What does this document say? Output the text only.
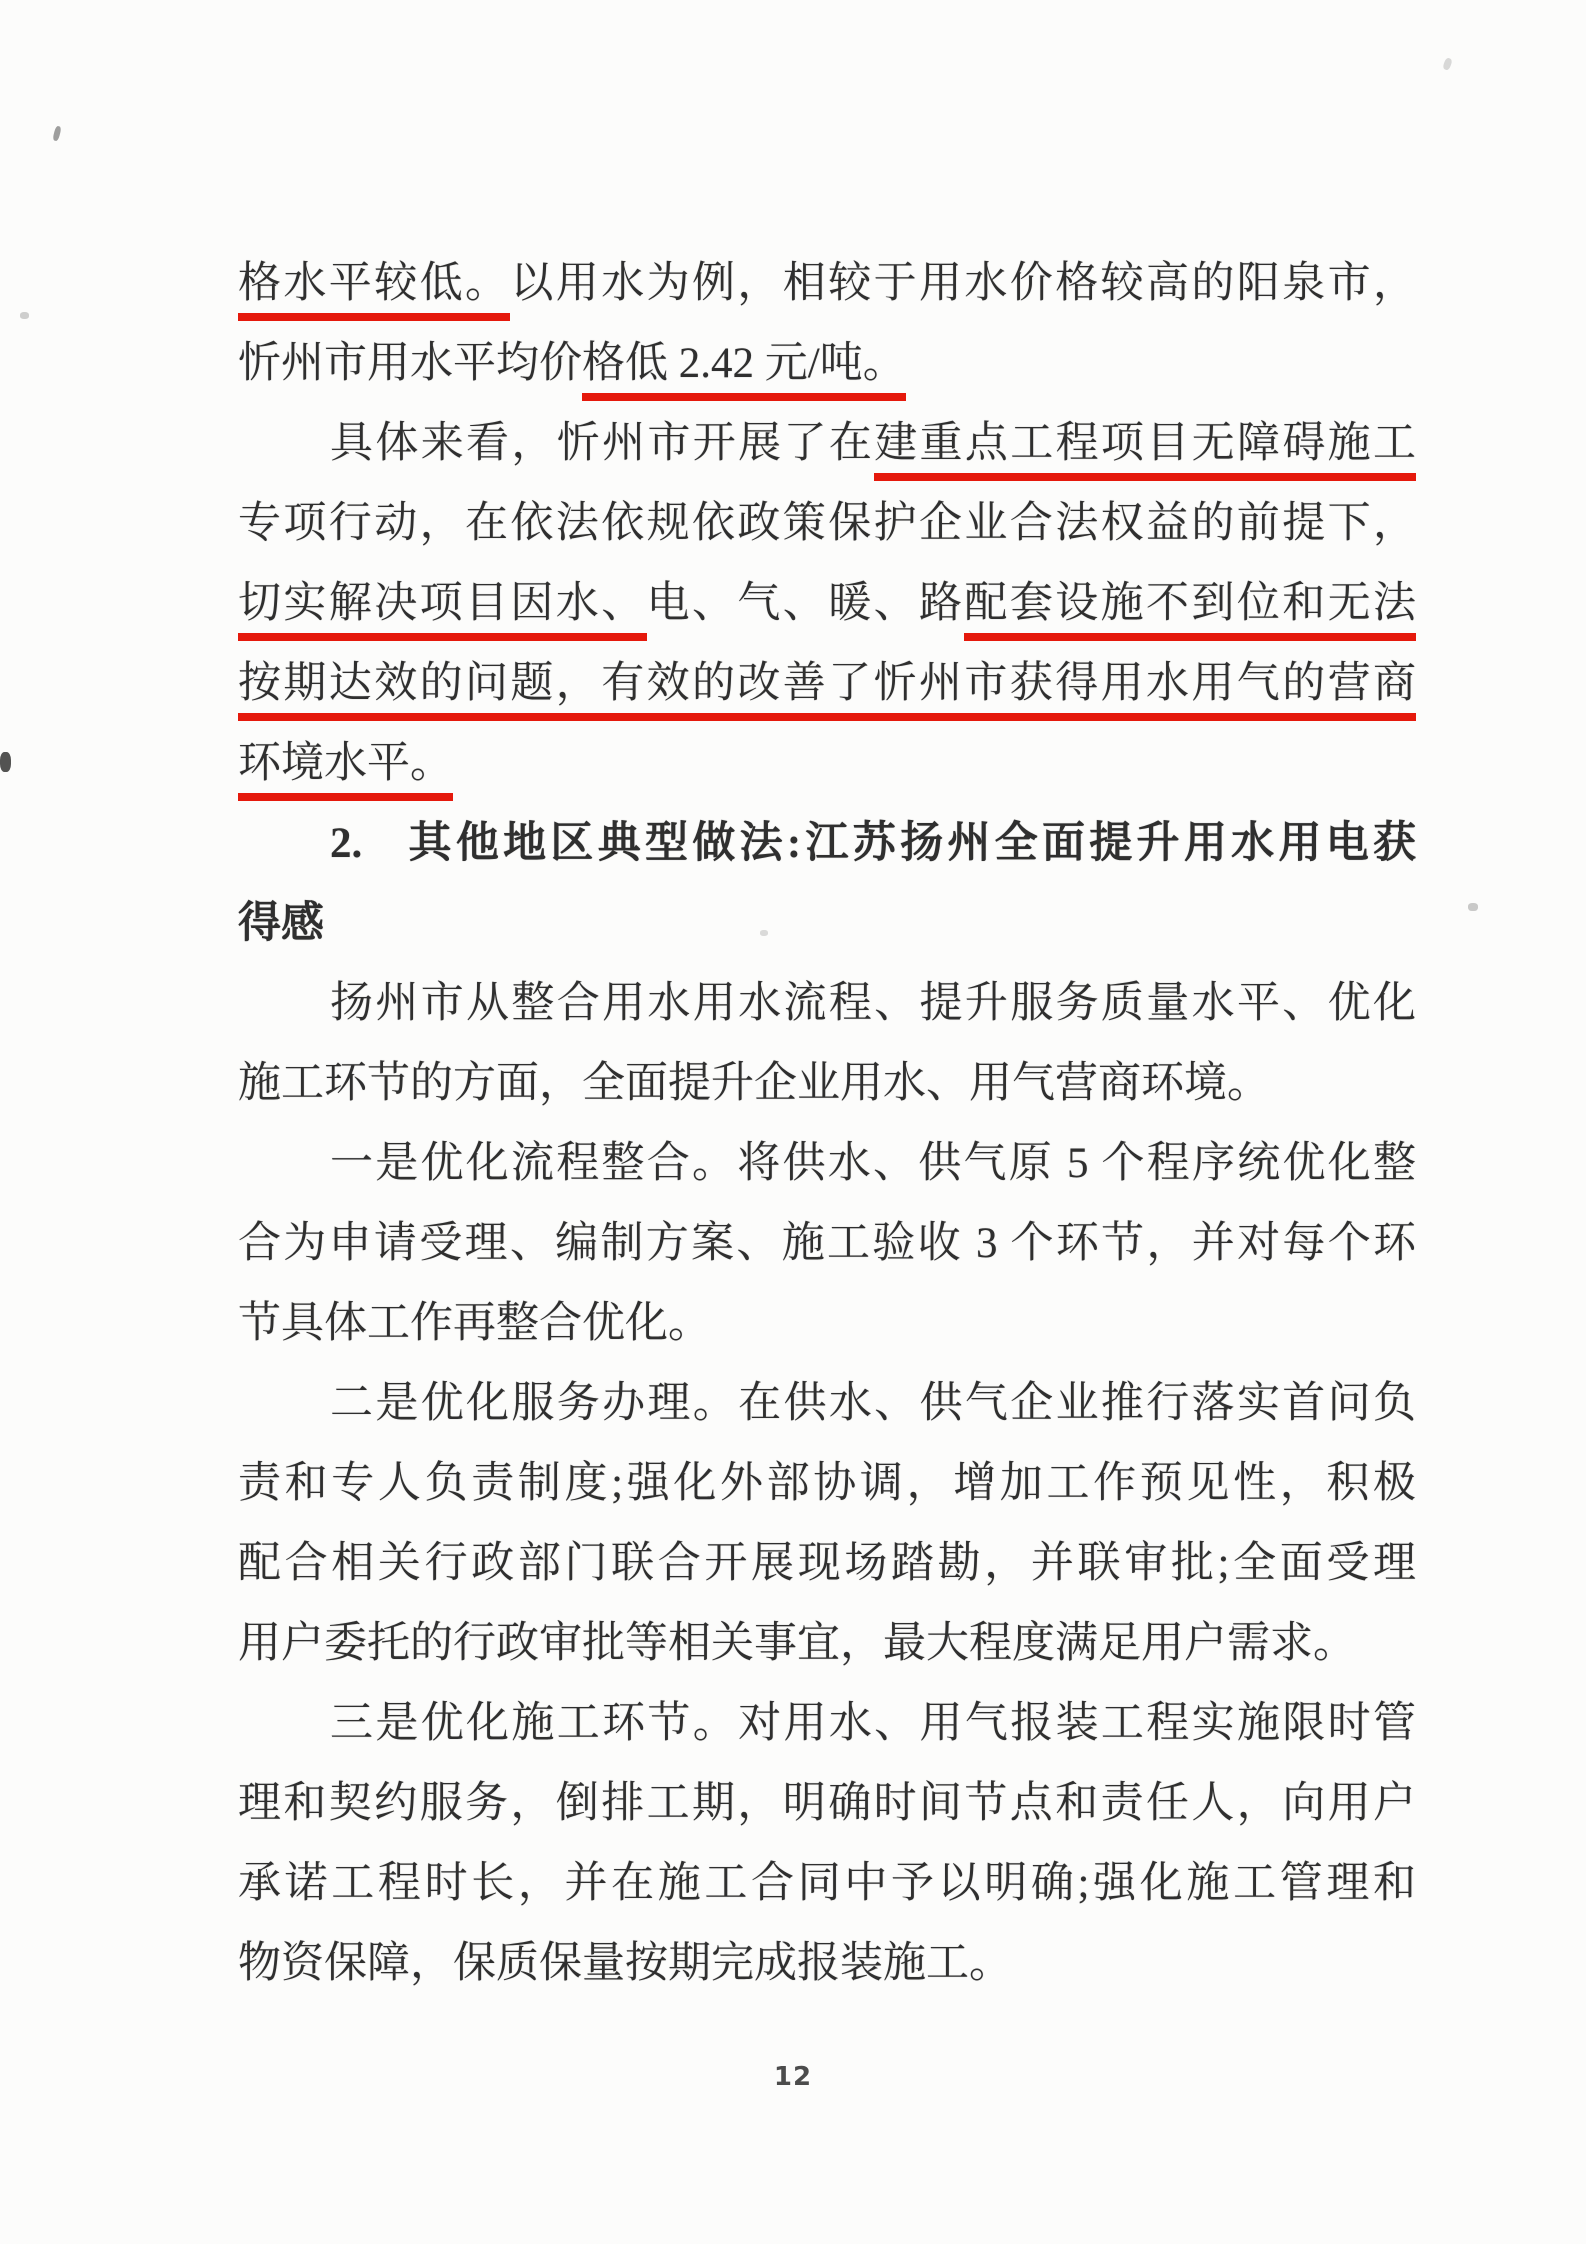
格水平较低。以用水为例，相较于用水价格较高的阳泉市，
忻州市用水平均价格低 2.42 元/吨。
具体来看，忻州市开展了在建重点工程项目无障碍施工
专项行动，在依法依规依政策保护企业合法权益的前提下，
切实解决项目因水、电、气、暖、路配套设施不到位和无法
按期达效的问题，有效的改善了忻州市获得用水用气的营商
环境水平。
2. 其他地区典型做法:江苏扬州全面提升用水用电获
得感
扬州市从整合用水用水流程、提升服务质量水平、优化
施工环节的方面，全面提升企业用水、用气营商环境。
一是优化流程整合。将供水、供气原 5 个程序统优化整
合为申请受理、编制方案、施工验收 3 个环节，并对每个环
节具体工作再整合优化。
二是优化服务办理。在供水、供气企业推行落实首问负
责和专人负责制度;强化外部协调，增加工作预见性，积极
配合相关行政部门联合开展现场踏勘，并联审批;全面受理
用户委托的行政审批等相关事宜，最大程度满足用户需求。
三是优化施工环节。对用水、用气报装工程实施限时管
理和契约服务，倒排工期，明确时间节点和责任人，向用户
承诺工程时长，并在施工合同中予以明确;强化施工管理和
物资保障，保质保量按期完成报装施工。
12
